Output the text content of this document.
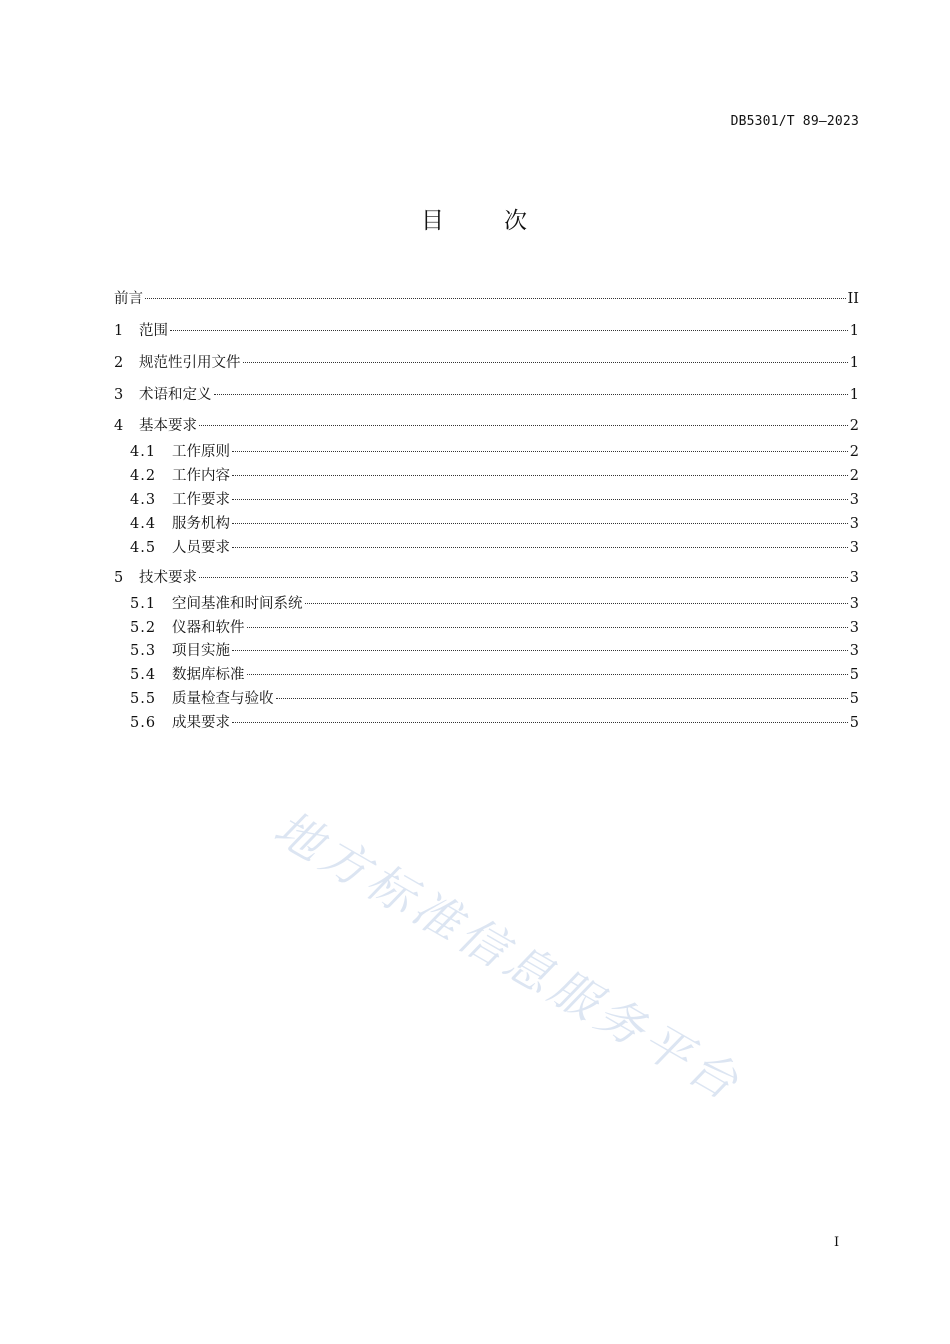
DB5301/T 89—2023
目	次
前言	II
1	范围	1
2	规范性引用文件	1
3	术语和定义	1
4	基本要求	2
4.1	工作原则	2
4.2	工作内容	2
4.3	工作要求	3
4.4	服务机构	3
4.5	人员要求	3
5	技术要求	3
5.1	空间基准和时间系统	3
5.2	仪器和软件	3
5.3	项目实施	3
5.4	数据库标准	5
5.5	质量检查与验收	5
5.6	成果要求	5
地方标准信息服务平台
I
